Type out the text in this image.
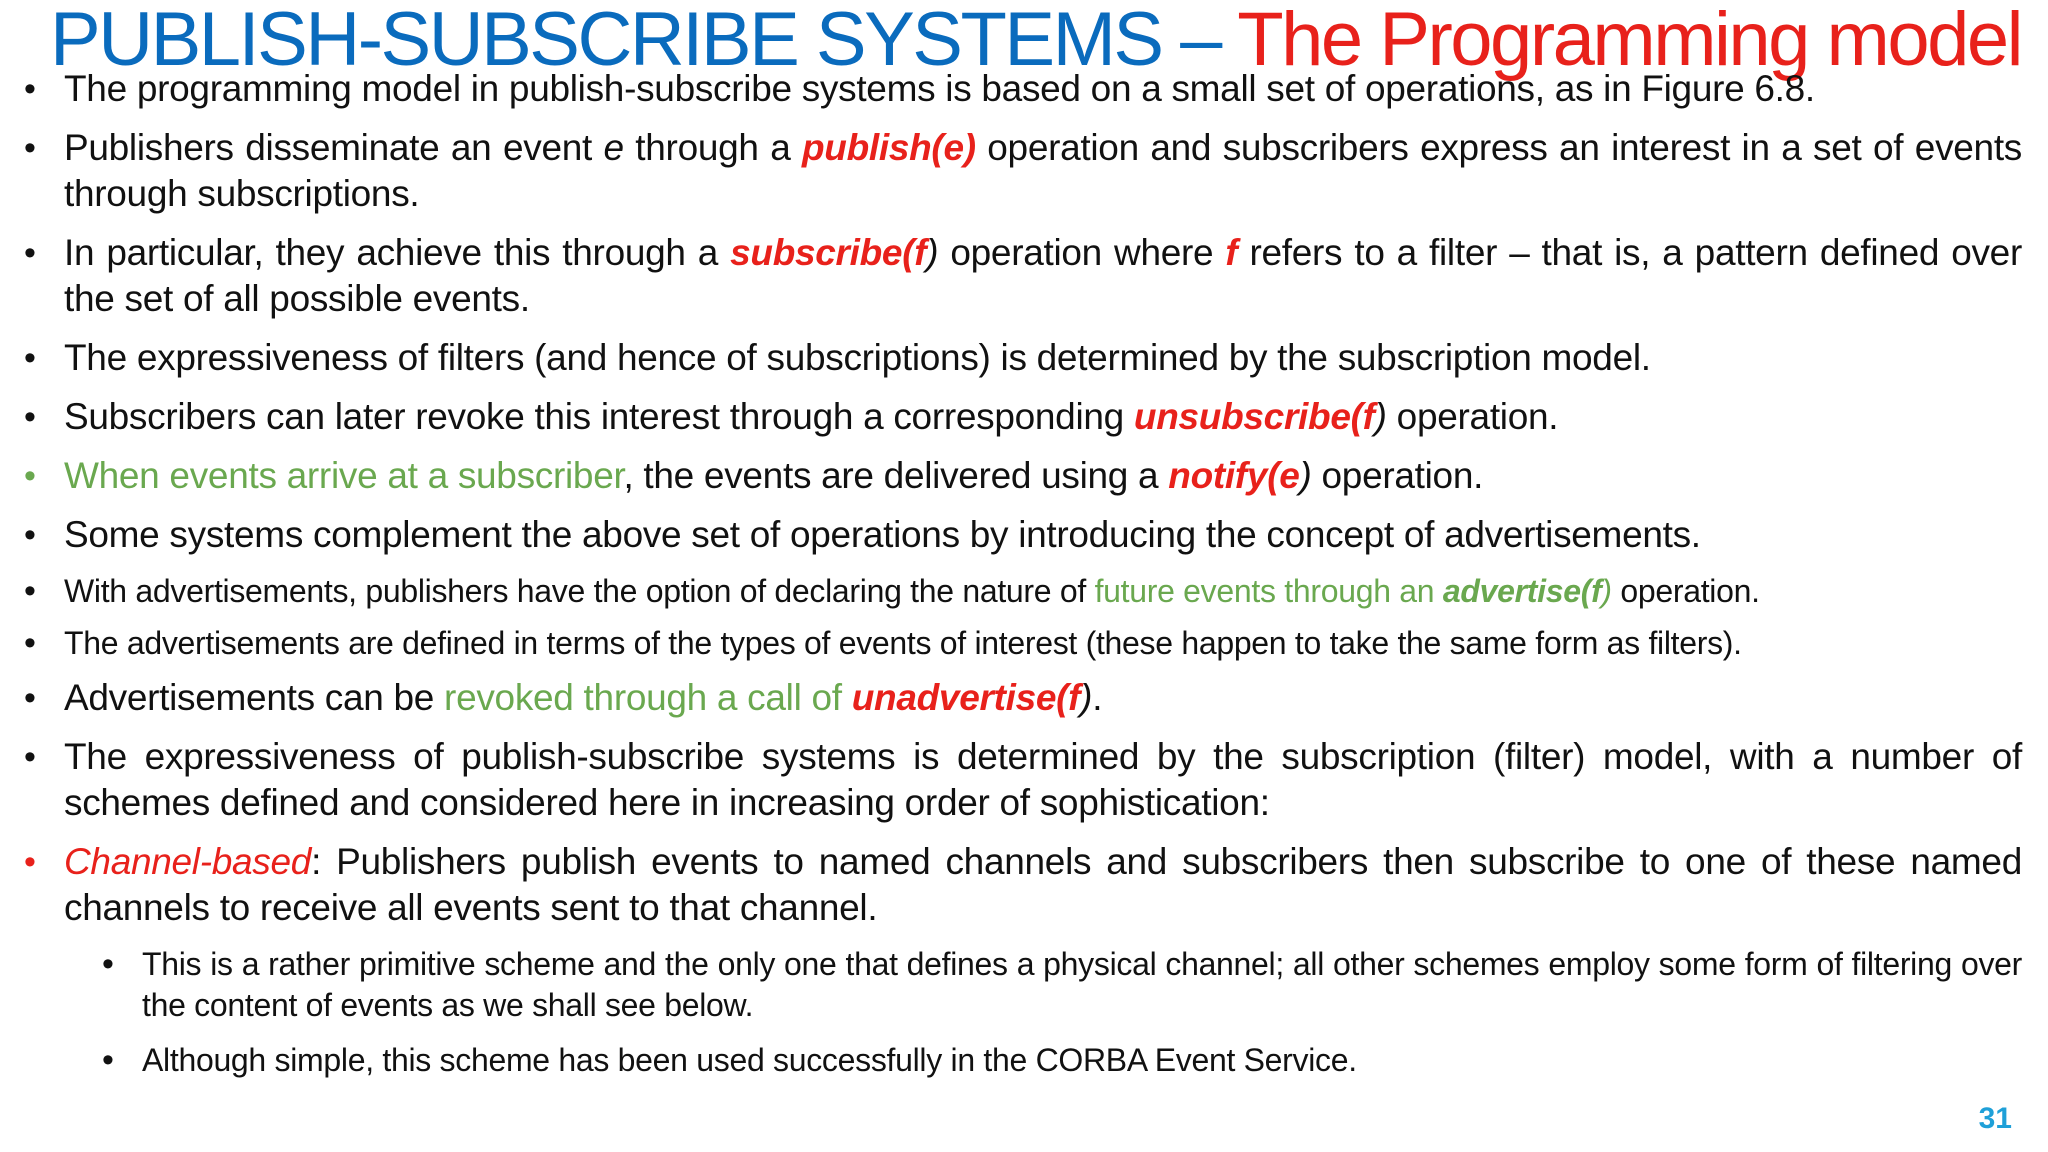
PUBLISH-SUBSCRIBE SYSTEMS – The Programming model
• The programming model in publish-subscribe systems is based on a small set of operations, as in Figure 6.8.
• Publishers disseminate an event e through a publish(e) operation and subscribers express an interest in a set of events through subscriptions.
• In particular, they achieve this through a subscribe(f) operation where f refers to a filter – that is, a pattern defined over the set of all possible events.
• The expressiveness of filters (and hence of subscriptions) is determined by the subscription model.
• Subscribers can later revoke this interest through a corresponding unsubscribe(f) operation.
• When events arrive at a subscriber, the events are delivered using a notify(e) operation.
• Some systems complement the above set of operations by introducing the concept of advertisements.
• With advertisements, publishers have the option of declaring the nature of future events through an advertise(f) operation.
• The advertisements are defined in terms of the types of events of interest (these happen to take the same form as filters).
• Advertisements can be revoked through a call of unadvertise(f).
• The expressiveness of publish-subscribe systems is determined by the subscription (filter) model, with a number of schemes defined and considered here in increasing order of sophistication:
• Channel-based: Publishers publish events to named channels and subscribers then subscribe to one of these named channels to receive all events sent to that channel.
• This is a rather primitive scheme and the only one that defines a physical channel; all other schemes employ some form of filtering over the content of events as we shall see below.
• Although simple, this scheme has been used successfully in the CORBA Event Service.
31
